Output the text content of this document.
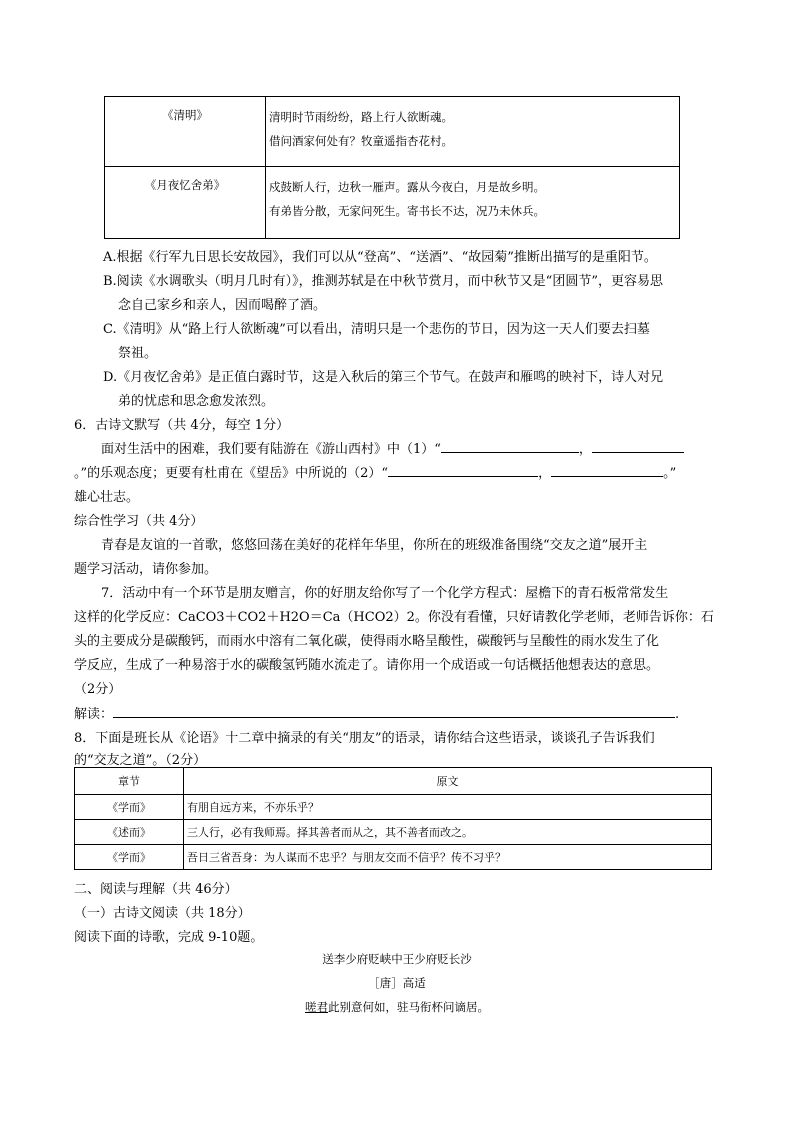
《清明》	清明时节雨纷纷，路上行人欲断魂。
借问酒家何处有？牧童遥指杏花村。

《月夜忆舍弟》	戍鼓断人行，边秋一雁声。露从今夜白，月是故乡明。
有弟皆分散，无家问死生。寄书长不达，况乃未休兵。
A.根据《行军九日思长安故园》，我们可以从“登高”、“送酒”、“故园菊”推断出描写的是重阳节。
B.阅读《水调歌头（明月几时有）》，推测苏轼是在中秋节赏月，而中秋节又是“团圆节”，更容易思
念自己家乡和亲人，因而喝醉了酒。
C.《清明》从“路上行人欲断魂”可以看出，清明只是一个悲伤的节日，因为这一天人们要去扫墓
祭祖。
D.《月夜忆舍弟》是正值白露时节，这是入秋后的第三个节气。在鼓声和雁鸣的映衬下，诗人对兄
弟的忧虑和思念愈发浓烈。
6．古诗文默写（共 4分，每空 1分）
面对生活中的困难，我们要有陆游在《游山西村》中（1）“	，
。”的乐观态度；更要有杜甫在《望岳》中所说的（2）“	，	。”
雄心壮志。
综合性学习（共 4分）
青春是友谊的一首歌，悠悠回荡在美好的花样年华里，你所在的班级准备围绕“交友之道”展开主
题学习活动，请你参加。
7．活动中有一个环节是朋友赠言，你的好朋友给你写了一个化学方程式：屋檐下的青石板常常发生
这样的化学反应：CaCO3＋CO2＋H2O＝Ca（HCO2）2。你没有看懂，只好请教化学老师，老师告诉你：石
头的主要成分是碳酸钙，而雨水中溶有二氧化碳，使得雨水略呈酸性，碳酸钙与呈酸性的雨水发生了化
学反应，生成了一种易溶于水的碳酸氢钙随水流走了。请你用一个成语或一句话概括他想表达的意思。
（2分）
解读：	.
8．下面是班长从《论语》十二章中摘录的有关“朋友”的语录，请你结合这些语录，谈谈孔子告诉我们
的“交友之道”。（2分）
章节	原文
《学而》	有朋自远方来，不亦乐乎？
《述而》	三人行，必有我师焉。择其善者而从之，其不善者而改之。
《学而》	吾日三省吾身：为人谋而不忠乎？与朋友交而不信乎？传不习乎？
二、阅读与理解（共 46分）
（一）古诗文阅读（共 18分）
阅读下面的诗歌，完成 9-10题。
送李少府贬峡中王少府贬长沙
［唐］高适
嗟君此别意何如，驻马衔杯问谪居。
